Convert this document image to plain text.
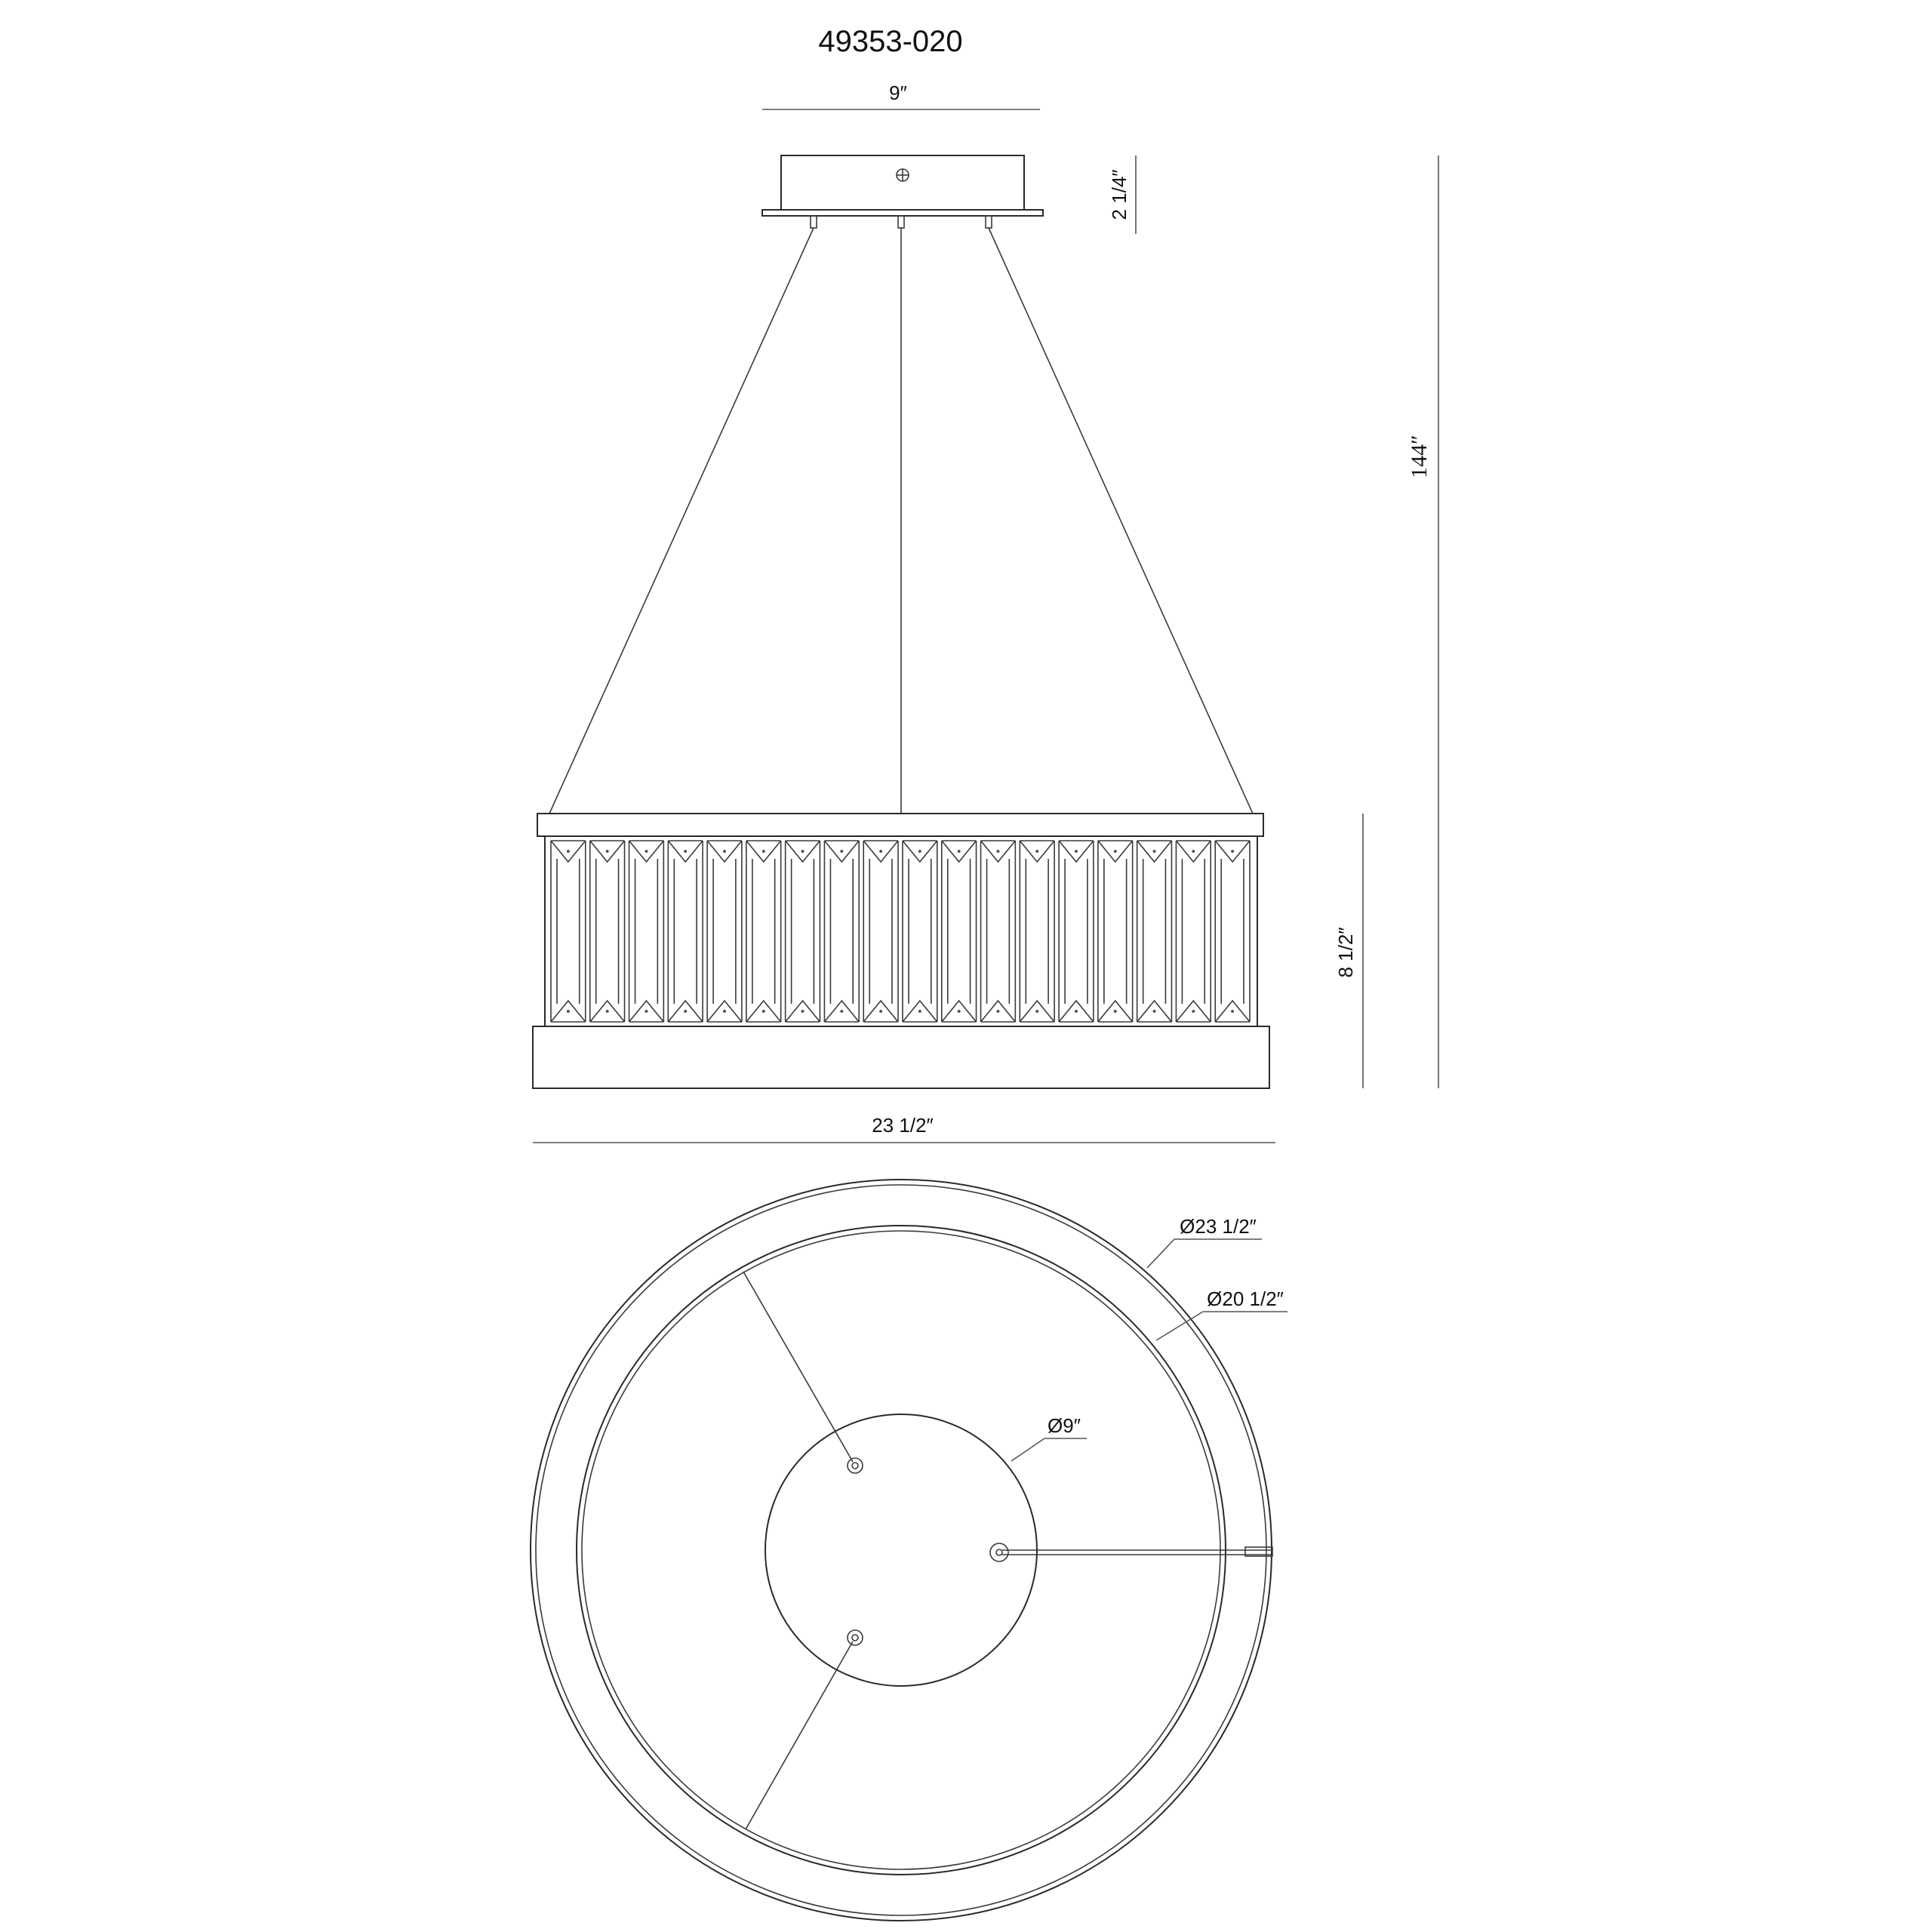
49353-020
9″
2 1/4″
8 1/2″
144″
23 1/2″
Ø23 1/2″
Ø20 1/2″
Ø9″
